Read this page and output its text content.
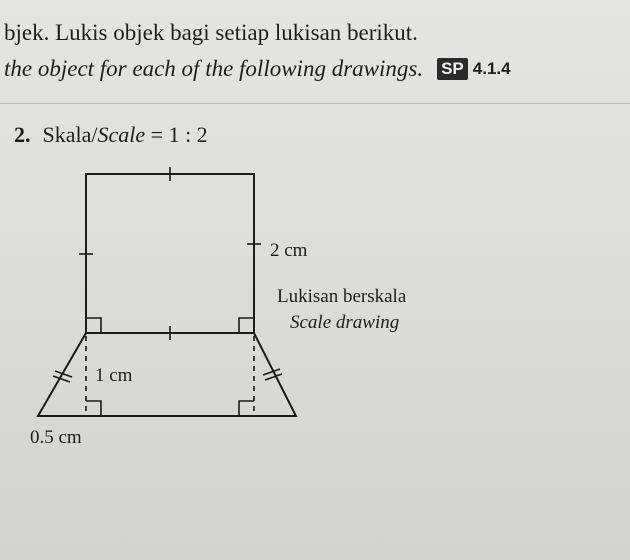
bjek. Lukis objek bagi setiap lukisan berikut.
the object for each of the following drawings. SP 4.1.4
2. Skala/Scale = 1 : 2
2 cm
Lukisan berskala
Scale drawing
1 cm
0.5 cm
